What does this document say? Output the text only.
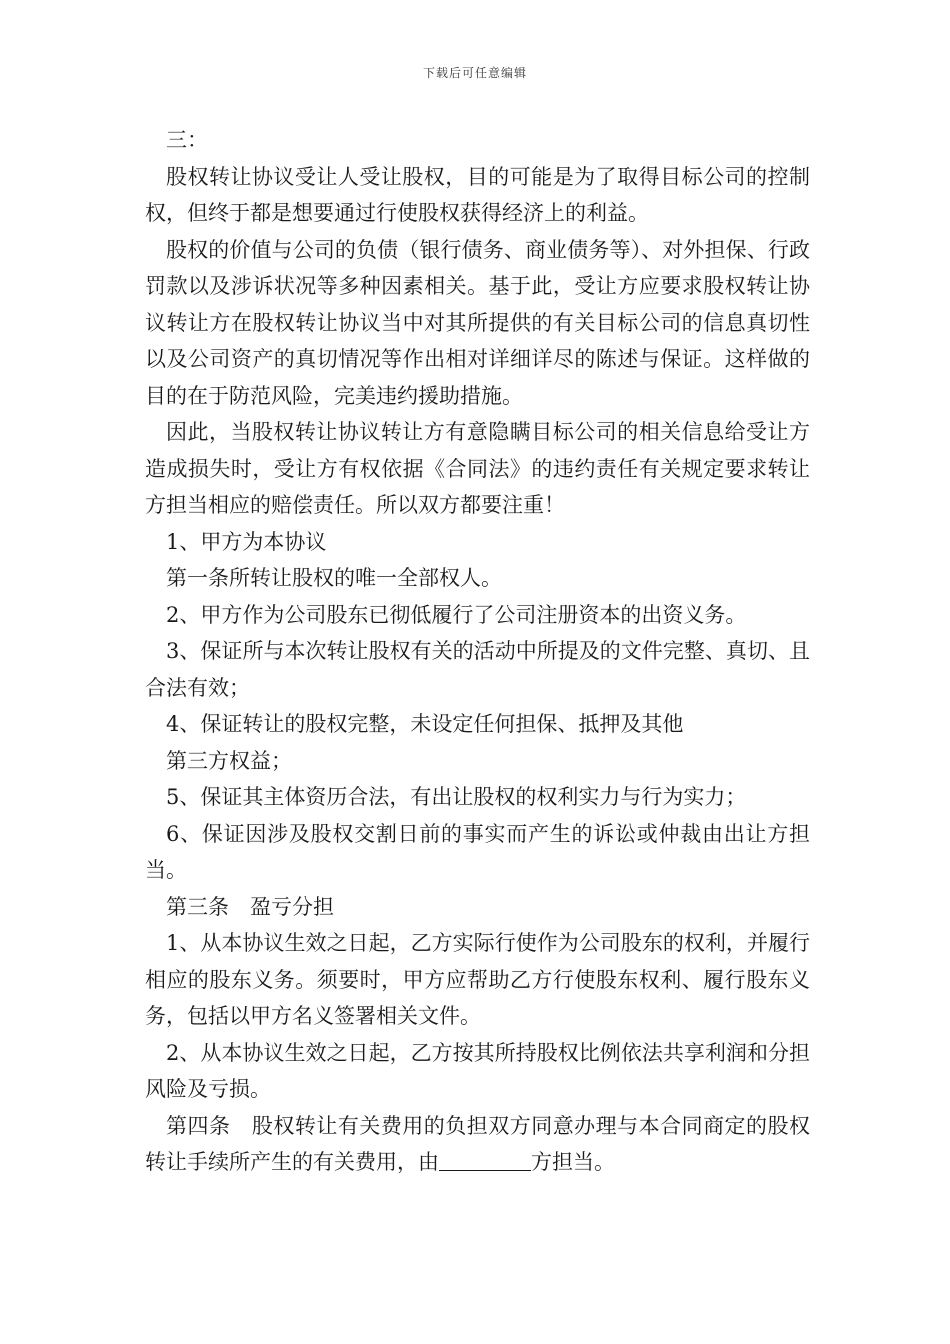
下载后可任意编辑

三：

股权转让协议受让人受让股权，目的可能是为了取得目标公司的控制权，但终于都是想要通过行使股权获得经济上的利益。

股权的价值与公司的负债（银行债务、商业债务等）、对外担保、行政罚款以及涉诉状况等多种因素相关。基于此，受让方应要求股权转让协议转让方在股权转让协议当中对其所提供的有关目标公司的信息真切性以及公司资产的真切情况等作出相对详细详尽的陈述与保证。这样做的目的在于防范风险，完美违约援助措施。

因此，当股权转让协议转让方有意隐瞒目标公司的相关信息给受让方造成损失时，受让方有权依据《合同法》的违约责任有关规定要求转让方担当相应的赔偿责任。所以双方都要注重！

1、甲方为本协议

第一条所转让股权的唯一全部权人。

2、甲方作为公司股东已彻低履行了公司注册资本的出资义务。

3、保证所与本次转让股权有关的活动中所提及的文件完整、真切、且合法有效；

4、保证转让的股权完整，未设定任何担保、抵押及其他

第三方权益；

5、保证其主体资历合法，有出让股权的权利实力与行为实力；

6、保证因涉及股权交割日前的事实而产生的诉讼或仲裁由出让方担当。

第三条　盈亏分担

1、从本协议生效之日起，乙方实际行使作为公司股东的权利，并履行相应的股东义务。须要时，甲方应帮助乙方行使股东权利、履行股东义务，包括以甲方名义签署相关文件。

2、从本协议生效之日起，乙方按其所持股权比例依法共享利润和分担风险及亏损。

第四条　股权转让有关费用的负担双方同意办理与本合同商定的股权转让手续所产生的有关费用，由	方担当。
